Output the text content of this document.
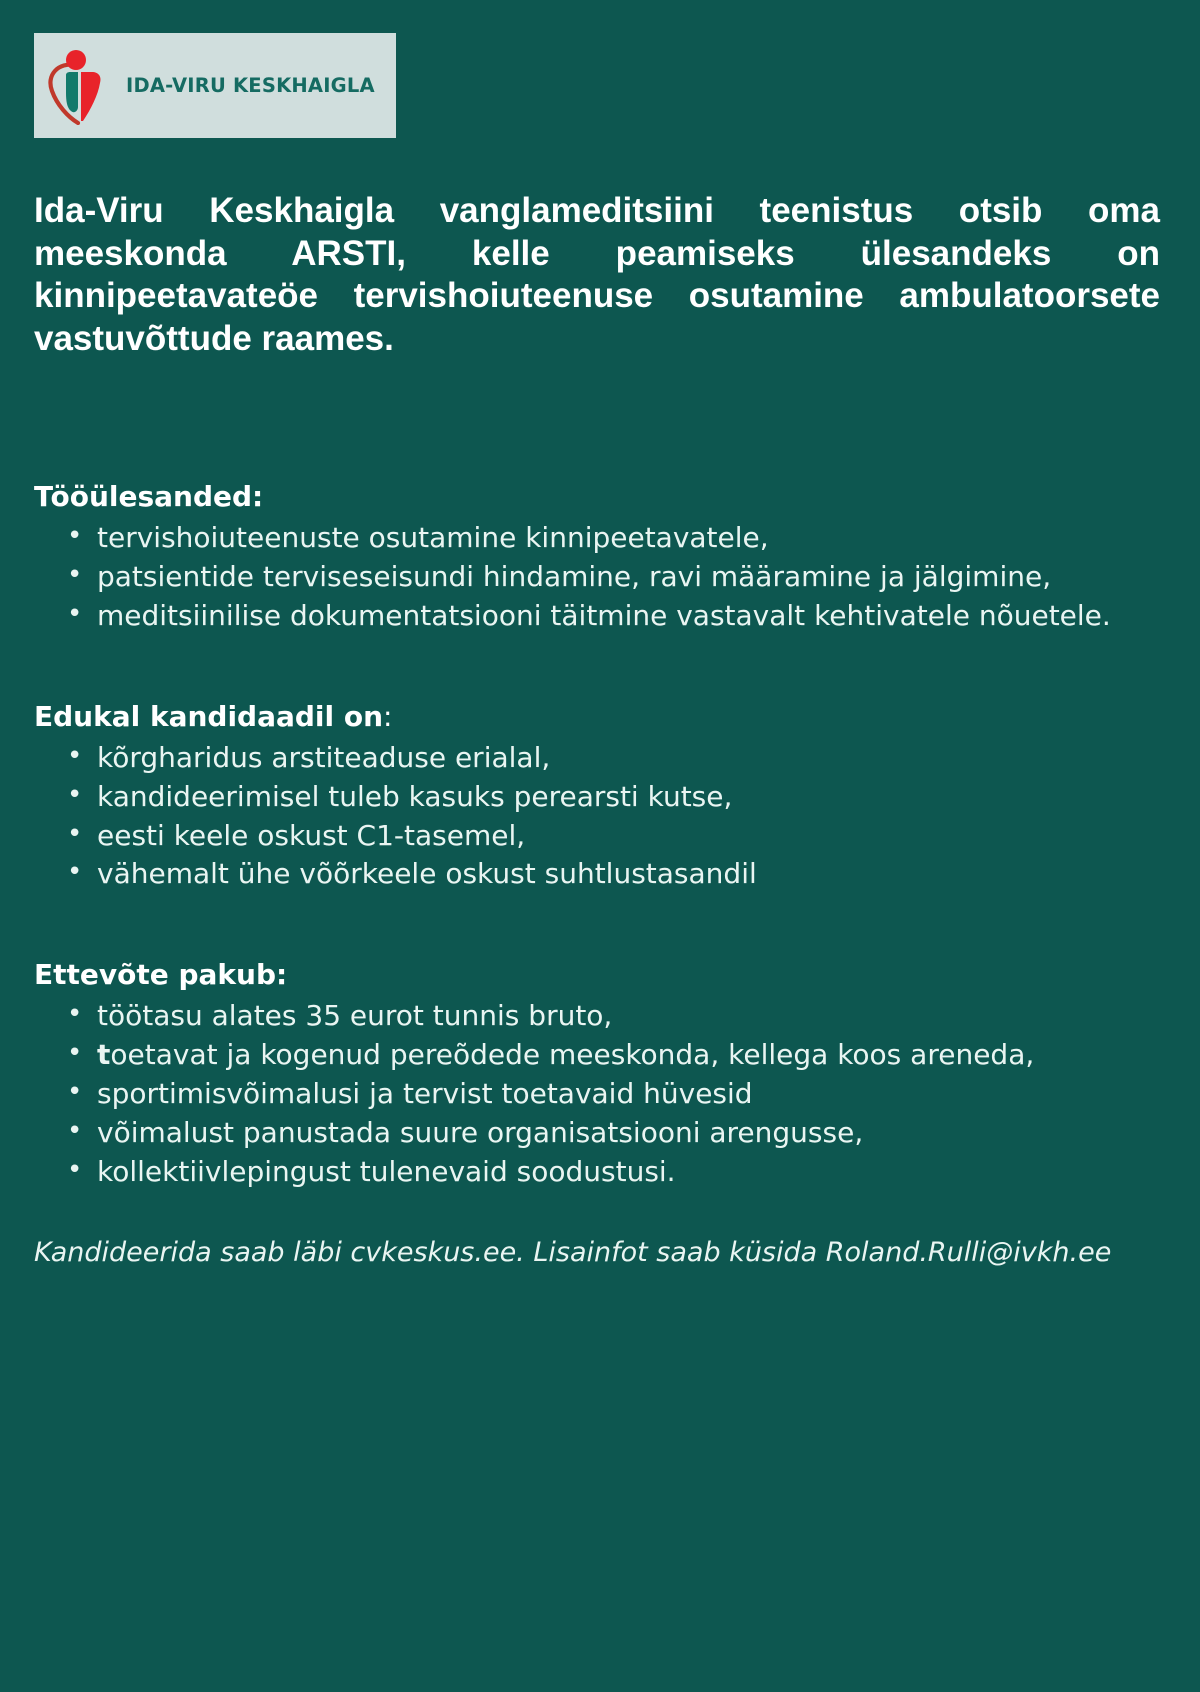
IDA-VIRU KESKHAIGLA
Ida-Viru Keskhaigla vanglameditsiini teenistus otsib oma meeskonda ARSTI, kelle peamiseks ülesandeks on kinnipeetavateöe tervishoiuteenuse osutamine ambulatoorsete vastuvõttude raames.
Tööülesanded:
• tervishoiuteenuste osutamine kinnipeetavatele,
• patsientide terviseseisundi hindamine, ravi määramine ja jälgimine,
• meditsiinilise dokumentatsiooni täitmine vastavalt kehtivatele nõuetele.
Edukal kandidaadil on:
• kõrgharidus arstiteaduse erialal,
• kandideerimisel tuleb kasuks perearsti kutse,
• eesti keele oskust C1-tasemel,
• vähemalt ühe võõrkeele oskust suhtlustasandil
Ettevõte pakub:
• töötasu alates 35 eurot tunnis bruto,
• toetavat ja kogenud pereõdede meeskonda, kellega koos areneda,
• sportimisvõimalusi ja tervist toetavaid hüvesid
• võimalust panustada suure organisatsiooni arengusse,
• kollektiivlepingust tulenevaid soodustusi.

Kandideerida saab läbi cvkeskus.ee. Lisainfot saab küsida Roland.Rulli@ivkh.ee
